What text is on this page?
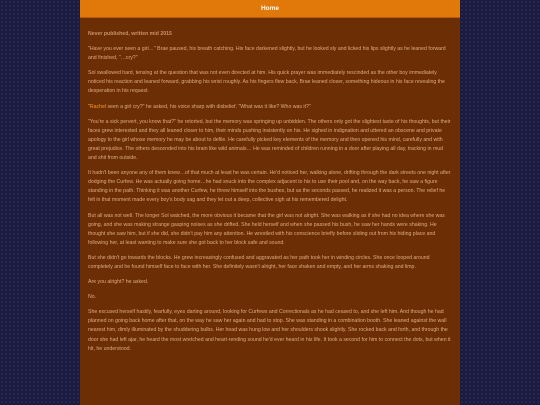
Home

Never published, written mid 2015

"Have you ever seen a girl…" Brae paused, his breath catching. His face darkened slightly, but he looked sly and licked his lips slightly as he leaned forward and finished, "…cry?"

Sol swallowed hard, tensing at the question that was not even directed at him. His quick prayer was immediately rescinded as the other boy immediately noticed his reaction and leaned forward, grabbing his wrist roughly. As his fingers flew back, Brae leaned closer, something hideous in his face revealing the desperation in his request.

"Rachel seen a girl cry?" he asked, his voice sharp with disbelief. "What was it like? Who was it?"

"You're a sick pervert, you know that?" he retorted, but the memory was springing up unbidden. The others only got the slightest taste of his thoughts, but their faces grew interested and they all leaned closer to him, their minds pushing insistently on his. He sighed in indignation and uttered an obscene and private apology to the girl whose memory he may be about to defile. He carefully picked key elements of the memory and then opened his mind, carefully and with great prejudice. The others descended into his brain like wild animals… He was reminded of children running in a door after playing all day, tracking in mud and shit from outside.

It hadn't been anyone any of them knew…of that much at least he was certain. He'd noticed her, walking alone, drifting through the dark streets one night after dodging the Curfew. He was actually going home…he had snuck into the complex adjacent to his to use their pool and, on the way back, he saw a figure standing in the path. Thinking it was another Curfew, he threw himself into the bushes, but as the seconds passed, he realized it was a person. The relief he felt in that moment made every boy's body sag and they let out a deep, collective sigh at his remembered delight.

But all was not well. The longer Sol watched, the more obvious it became that the girl was not alright. She was walking as if she had no idea where she was going, and she was making strange gasping noises as she drifted. She held herself and when she passed his bush, he saw her hands were shaking. He thought she saw him, but if she did, she didn't pay him any attention. He wrestled with his conscience briefly before sliding out from his hiding place and following her, at least wanting to make sure she got back to her block safe and sound.

But she didn't go towards the blocks. He grew increasingly confused and aggravated as her path took her in winding circles. She once looped around completely and he found himself face to face with her. She definitely wasn't alright, her face shaken and empty, and her arms shaking and limp.

Are you alright? he asked.

No.

She excused herself hastily, fearfully, eyes darting around, looking for Curfews and Correctionals as he had ceased to, and she left him. And though he had planned on going back home after that, on the way he saw her again and had to stop. She was standing in a combination booth. She leaned against the wall nearest him, dimly illuminated by the shuddering bulbs. Her head was hung low and her shoulders shook slightly. She rocked back and forth, and through the door she had left ajar, he heard the most wretched and heart-rending sound he'd ever heard in his life. It took a second for him to connect the dots, but when it hit, he understood.
